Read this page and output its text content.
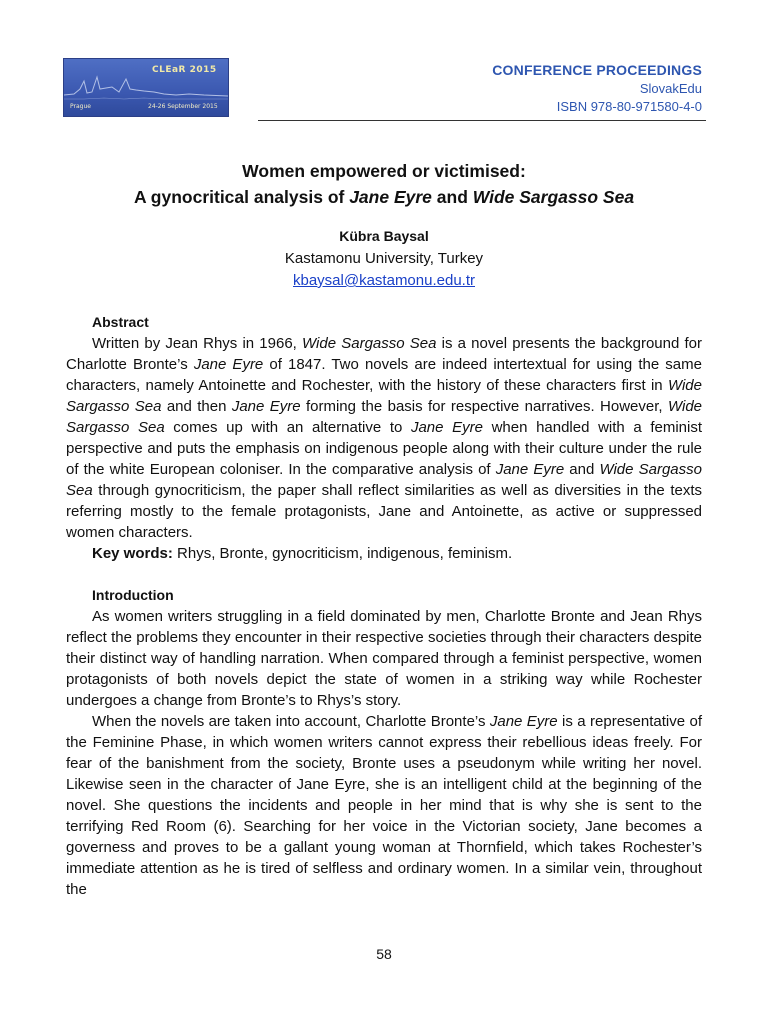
CLEaR 2015
Prague	24-26 September 2015
CONFERENCE PROCEEDINGS
SlovakEdu
ISBN 978-80-971580-4-0
Women empowered or victimised:
A gynocritical analysis of Jane Eyre and Wide Sargasso Sea
Kübra Baysal
Kastamonu University, Turkey
kbaysal@kastamonu.edu.tr
Abstract

Written by Jean Rhys in 1966, Wide Sargasso Sea is a novel presents the background for Charlotte Bronte’s Jane Eyre of 1847. Two novels are indeed intertextual for using the same characters, namely Antoinette and Rochester, with the history of these characters first in Wide Sargasso Sea and then Jane Eyre forming the basis for respective narratives. However, Wide Sargasso Sea comes up with an alternative to Jane Eyre when handled with a feminist perspective and puts the emphasis on indigenous people along with their culture under the rule of the white European coloniser. In the comparative analysis of Jane Eyre and Wide Sargasso Sea through gynocriticism, the paper shall reflect similarities as well as diversities in the texts referring mostly to the female protagonists, Jane and Antoinette, as active or suppressed women characters.

Key words: Rhys, Bronte, gynocriticism, indigenous, feminism.
Introduction

As women writers struggling in a field dominated by men, Charlotte Bronte and Jean Rhys reflect the problems they encounter in their respective societies through their characters despite their distinct way of handling narration. When compared through a feminist perspective, women protagonists of both novels depict the state of women in a striking way while Rochester undergoes a change from Bronte’s to Rhys’s story.

When the novels are taken into account, Charlotte Bronte’s Jane Eyre is a representative of the Feminine Phase, in which women writers cannot express their rebellious ideas freely. For fear of the banishment from the society, Bronte uses a pseudonym while writing her novel. Likewise seen in the character of Jane Eyre, she is an intelligent child at the beginning of the novel. She questions the incidents and people in her mind that is why she is sent to the terrifying Red Room (6). Searching for her voice in the Victorian society, Jane becomes a governess and proves to be a gallant young woman at Thornfield, which takes Rochester’s immediate attention as he is tired of selfless and ordinary women. In a similar vein, throughout the

58
